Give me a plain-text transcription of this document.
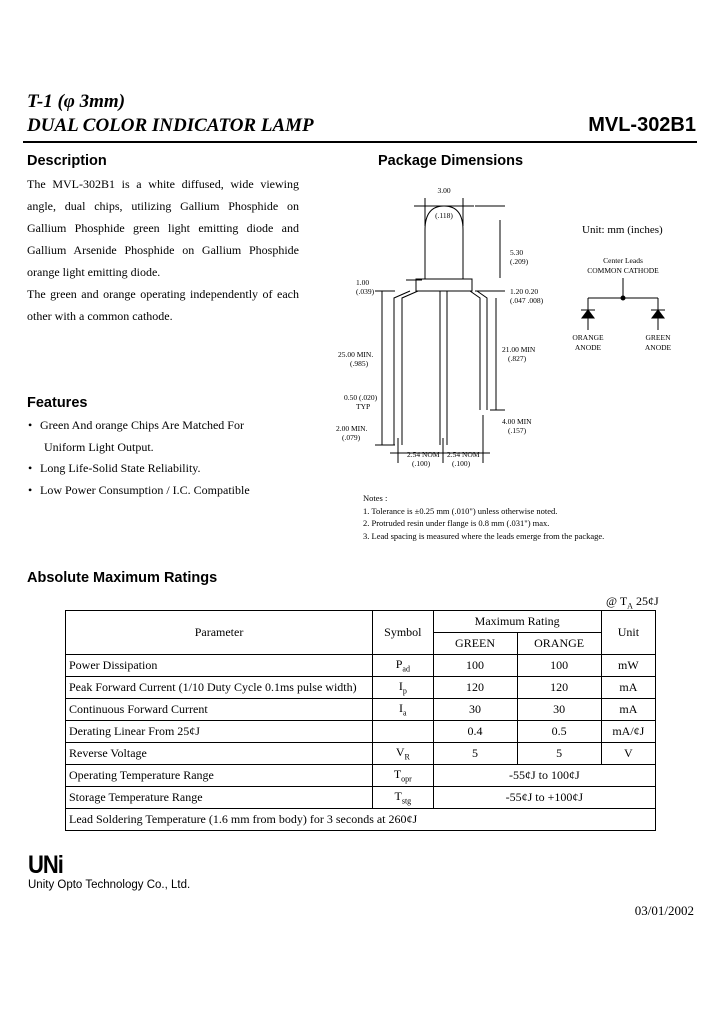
T-1 (φ 3mm)
DUAL COLOR INDICATOR LAMP	MVL-302B1
Description

The MVL-302B1 is a white diffused, wide viewing angle, dual chips, utilizing Gallium Phosphide on Gallium Phosphide green light emitting diode and Gallium Arsenide Phosphide on Gallium Phosphide orange light emitting diode.

The green and orange operating independently of each other with a common cathode.

Features
• Green And orange Chips Are Matched For
Uniform Light Output.
• Long Life-Solid State Reliability.
• Low Power Consumption / I.C. Compatible
Package Dimensions
Unit: mm (inches)
3.00
(.118)
5.30
(.209)
1.00
(.039)	1.20 0.20
(.047 .008)
25.00 MIN.
(.985)
21.00 MIN
(.827)
0.50 (.020)
TYP
2.00 MIN.
(.079)
4.00 MIN
(.157)
2.54 NOM
(.100)
2.54 NOM
(.100)
Center Leads
COMMON CATHODE
ORANGE
ANODE
GREEN
ANODE
Notes :
1. Tolerance is ±0.25 mm (.010") unless otherwise noted.
2. Protruded resin under flange is 0.8 mm (.031") max.
3. Lead spacing is measured where the leads emerge from the package.
Absolute Maximum Ratings
@ $T_A$ 25¢J
Parameter	Symbol	Maximum Rating		Unit
		GREEN	ORANGE	
Power Dissipation	$P_{ad}$	100	100	mW
Peak Forward Current (1/10 Duty Cycle 0.1ms pulse width)	$I_p$	120	120	mA
Continuous Forward Current	$I_a$	30	30	mA
Derating Linear From 25¢J		0.4	0.5	mA/¢J
Reverse Voltage	$V_R$	5	5	V
Operating Temperature Range	$T_{opr}$	-55¢J to 100¢J		
Storage Temperature Range	$T_{stg}$	-55¢J to +100¢J		
Lead Soldering Temperature (1.6 mm from body) for 3 seconds at 260¢J				
UNi
Unity Opto Technology Co., Ltd.
03/01/2002
